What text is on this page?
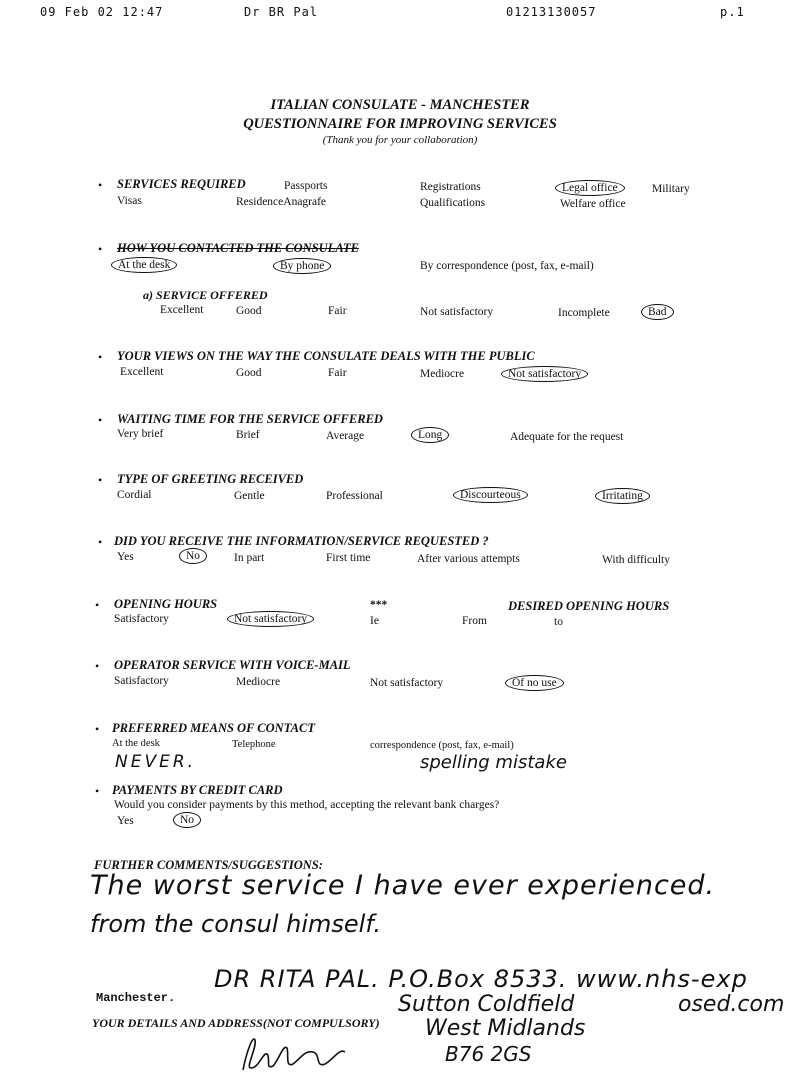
09 Feb 02 12:47	Dr BR Pal	01213130057	p.1
ITALIAN CONSULATE - MANCHESTER
QUESTIONNAIRE FOR IMPROVING SERVICES
(Thank you for your collaboration)
• SERVICES REQUIRED	Passports	Registrations	Legal office	Military
Visas	ResidenceAnagrafe	Qualifications	Welfare office
• HOW YOU CONTACTED THE CONSULATE
At the desk	By phone	By correspondence (post, fax, e-mail)
a) SERVICE OFFERED
Excellent	Good	Fair	Not satisfactory	Incomplete	Bad
• YOUR VIEWS ON THE WAY THE CONSULATE DEALS WITH THE PUBLIC
Excellent	Good	Fair	Mediocre	Not satisfactory
• WAITING TIME FOR THE SERVICE OFFERED
Very brief	Brief	Average	Long	Adequate for the request
• TYPE OF GREETING RECEIVED
Cordial	Gentle	Professional	Discourteous	Irritating
• DID YOU RECEIVE THE INFORMATION/SERVICE REQUESTED ?
Yes	No	In part	First time	After various attempts	With difficulty
• OPENING HOURS	***	DESIRED OPENING HOURS
Satisfactory	Not satisfactory	Ie	From	to
• OPERATOR SERVICE WITH VOICE-MAIL
Satisfactory	Mediocre	Not satisfactory	Of no use
• PREFERRED MEANS OF CONTACT
At the desk	Telephone	correspondence (post, fax, e-mail)
NEVER.	spelling mistake
• PAYMENTS BY CREDIT CARD
Would you consider payments by this method, accepting the relevant bank charges?
Yes	No
FURTHER COMMENTS/SUGGESTIONS:
The worst service I have ever experienced.
from the consul himself.
Manchester.
YOUR DETAILS AND ADDRESS(NOT COMPULSORY)
DR RITA PAL. P.O.Box 8533. www.nhs-exp
Sutton Coldfield	osed.com
West Midlands
B76 2GS
